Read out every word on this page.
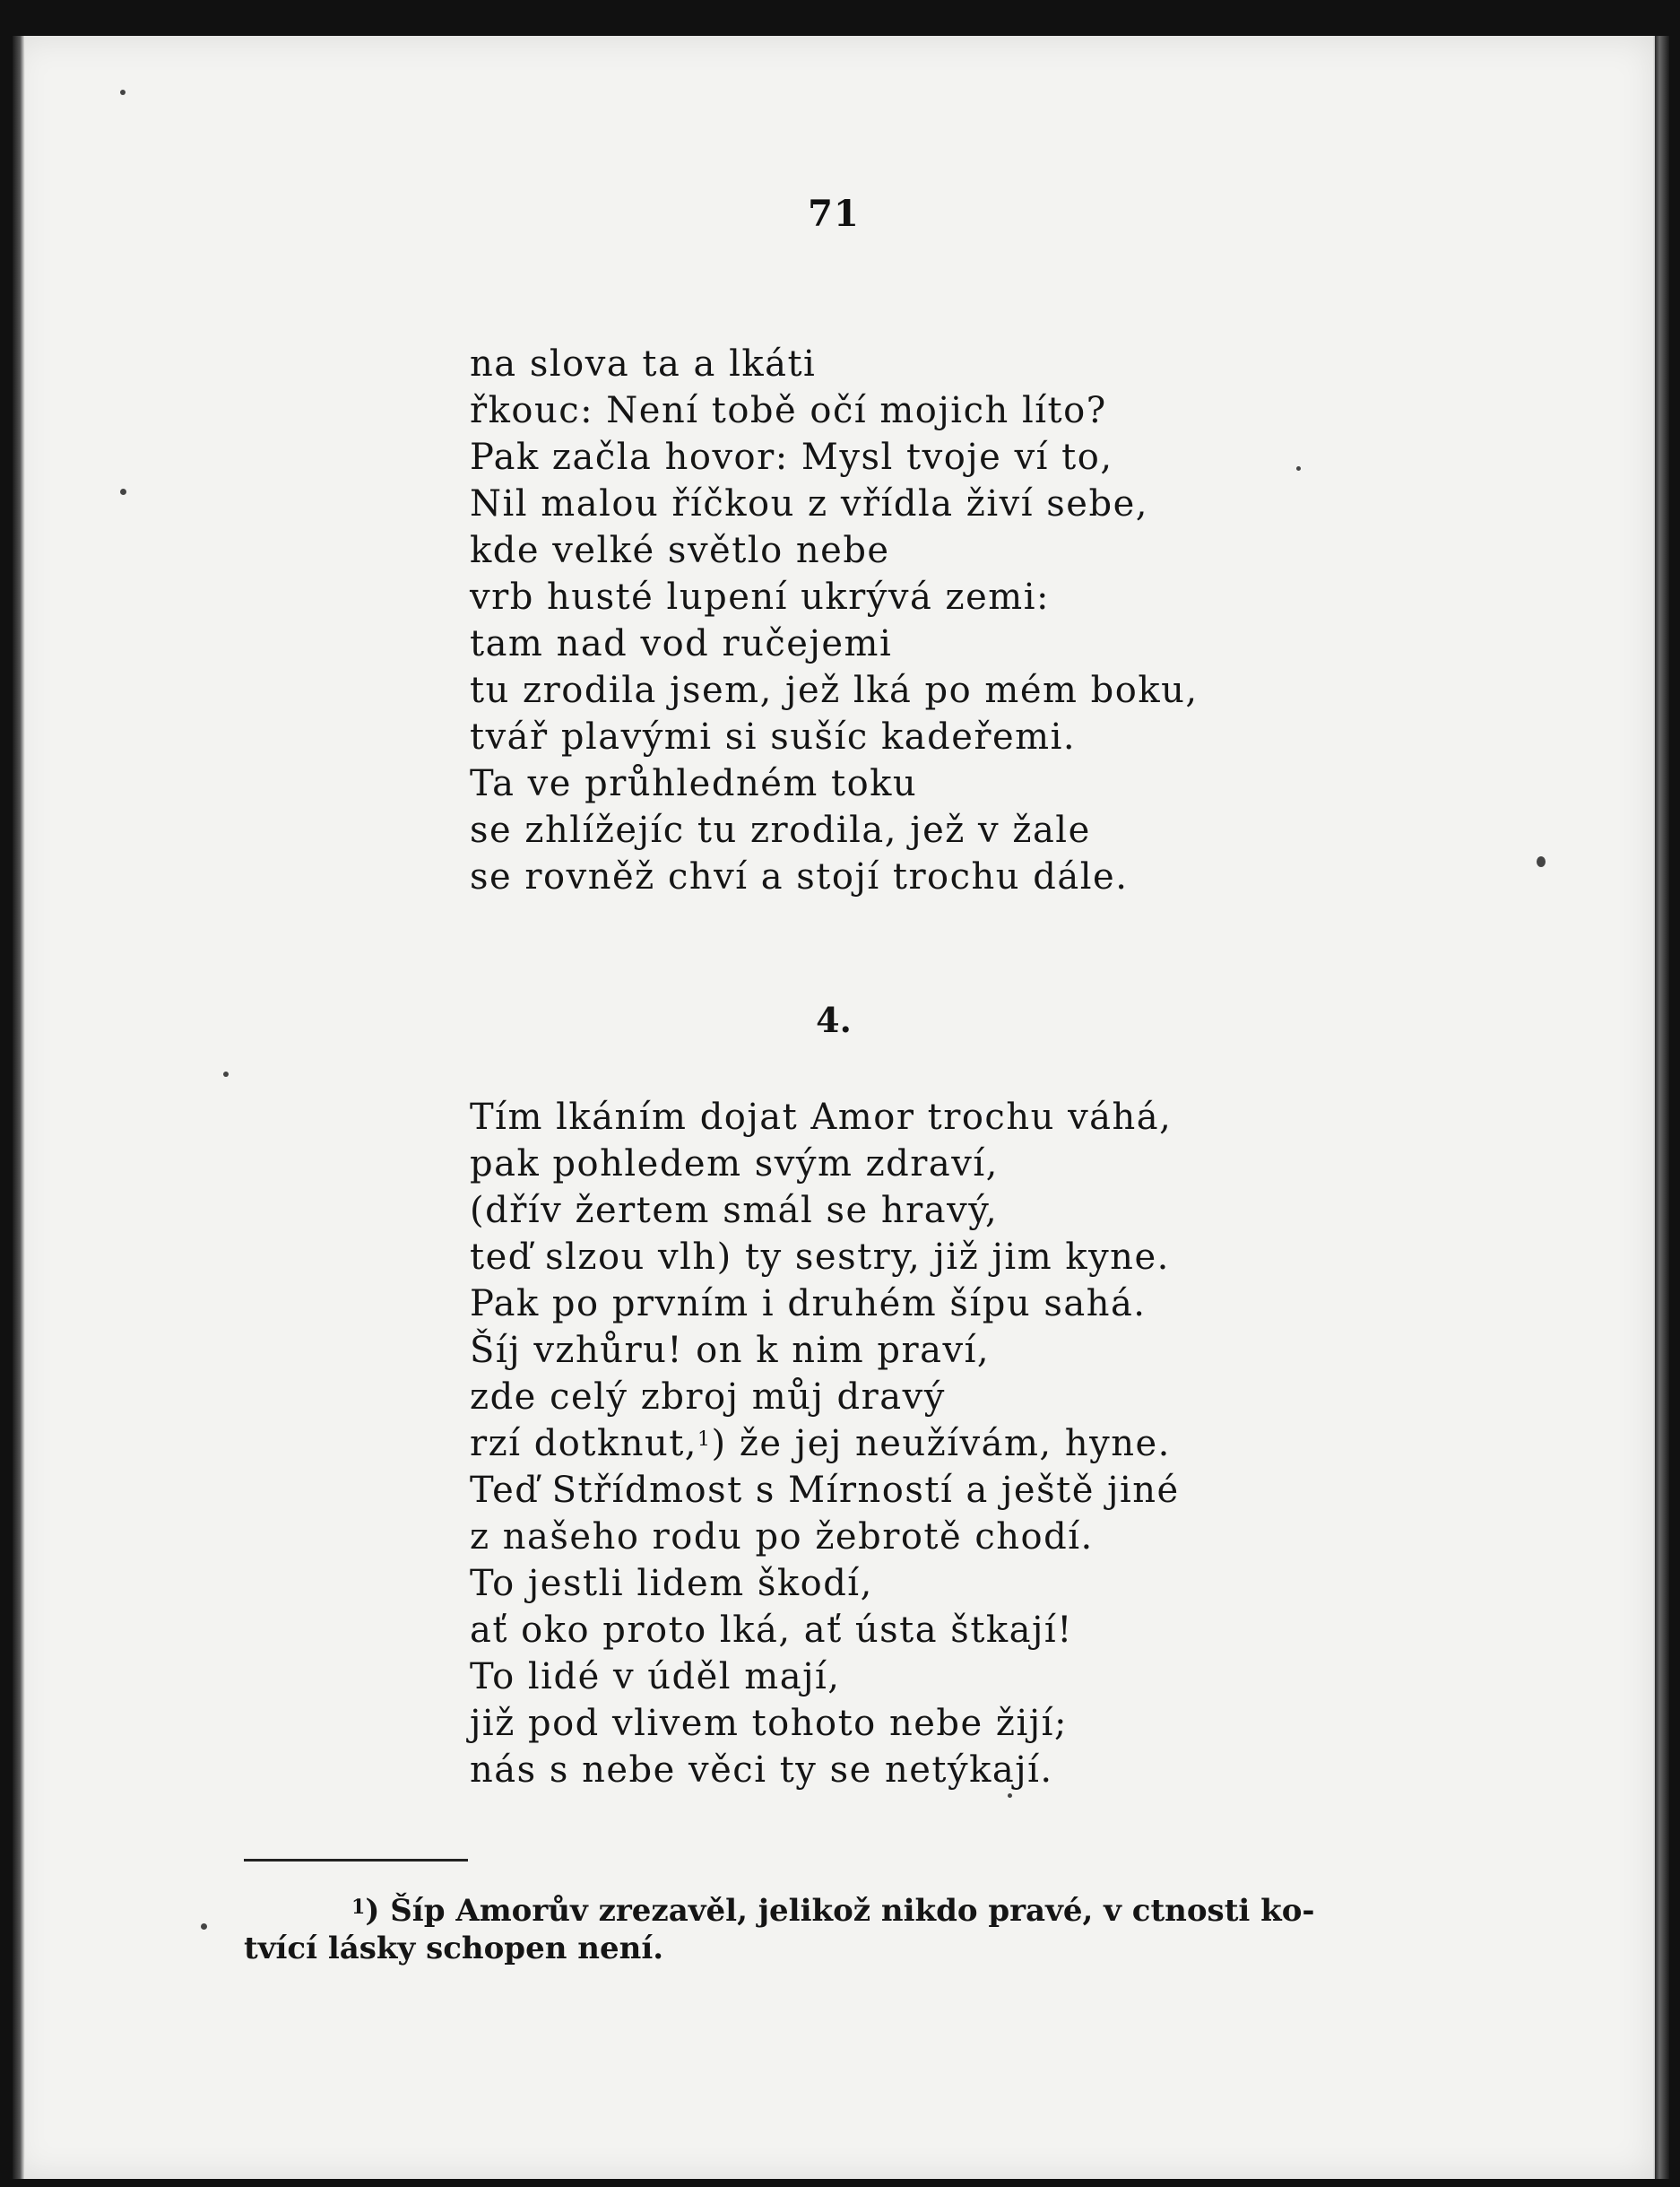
71
na slova ta a lkáti
řkouc: Není tobě očí mojich líto?
Pak začla hovor: Mysl tvoje ví to,
Nil malou říčkou z vřídla živí sebe,
kde velké světlo nebe
vrb husté lupení ukrývá zemi:
tam nad vod ručejemi
tu zrodila jsem, jež lká po mém boku,
tvář plavými si sušíc kadeřemi.
Ta ve průhledném toku
se zhlížejíc tu zrodila, jež v žale
se rovněž chví a stojí trochu dále.
4.
Tím lkáním dojat Amor trochu váhá,
pak pohledem svým zdraví,
(dřív žertem smál se hravý,
teď slzou vlh) ty sestry, již jim kyne.
Pak po prvním i druhém šípu sahá.
Šíj vzhůru! on k nim praví,
zde celý zbroj můj dravý
rzí dotknut,$^1$) že jej neužívám, hyne.
Teď Střídmost s Mírností a ještě jiné
z našeho rodu po žebrotě chodí.
To jestli lidem škodí,
ať oko proto lká, ať ústa štkají!
To lidé v úděl mají,
již pod vlivem tohoto nebe žijí;
nás s nebe věci ty se netýkají.
$^1$) Šíp Amorův zrezavěl, jelikož nikdo pravé, v ctnosti ko-
tvící lásky schopen není.
